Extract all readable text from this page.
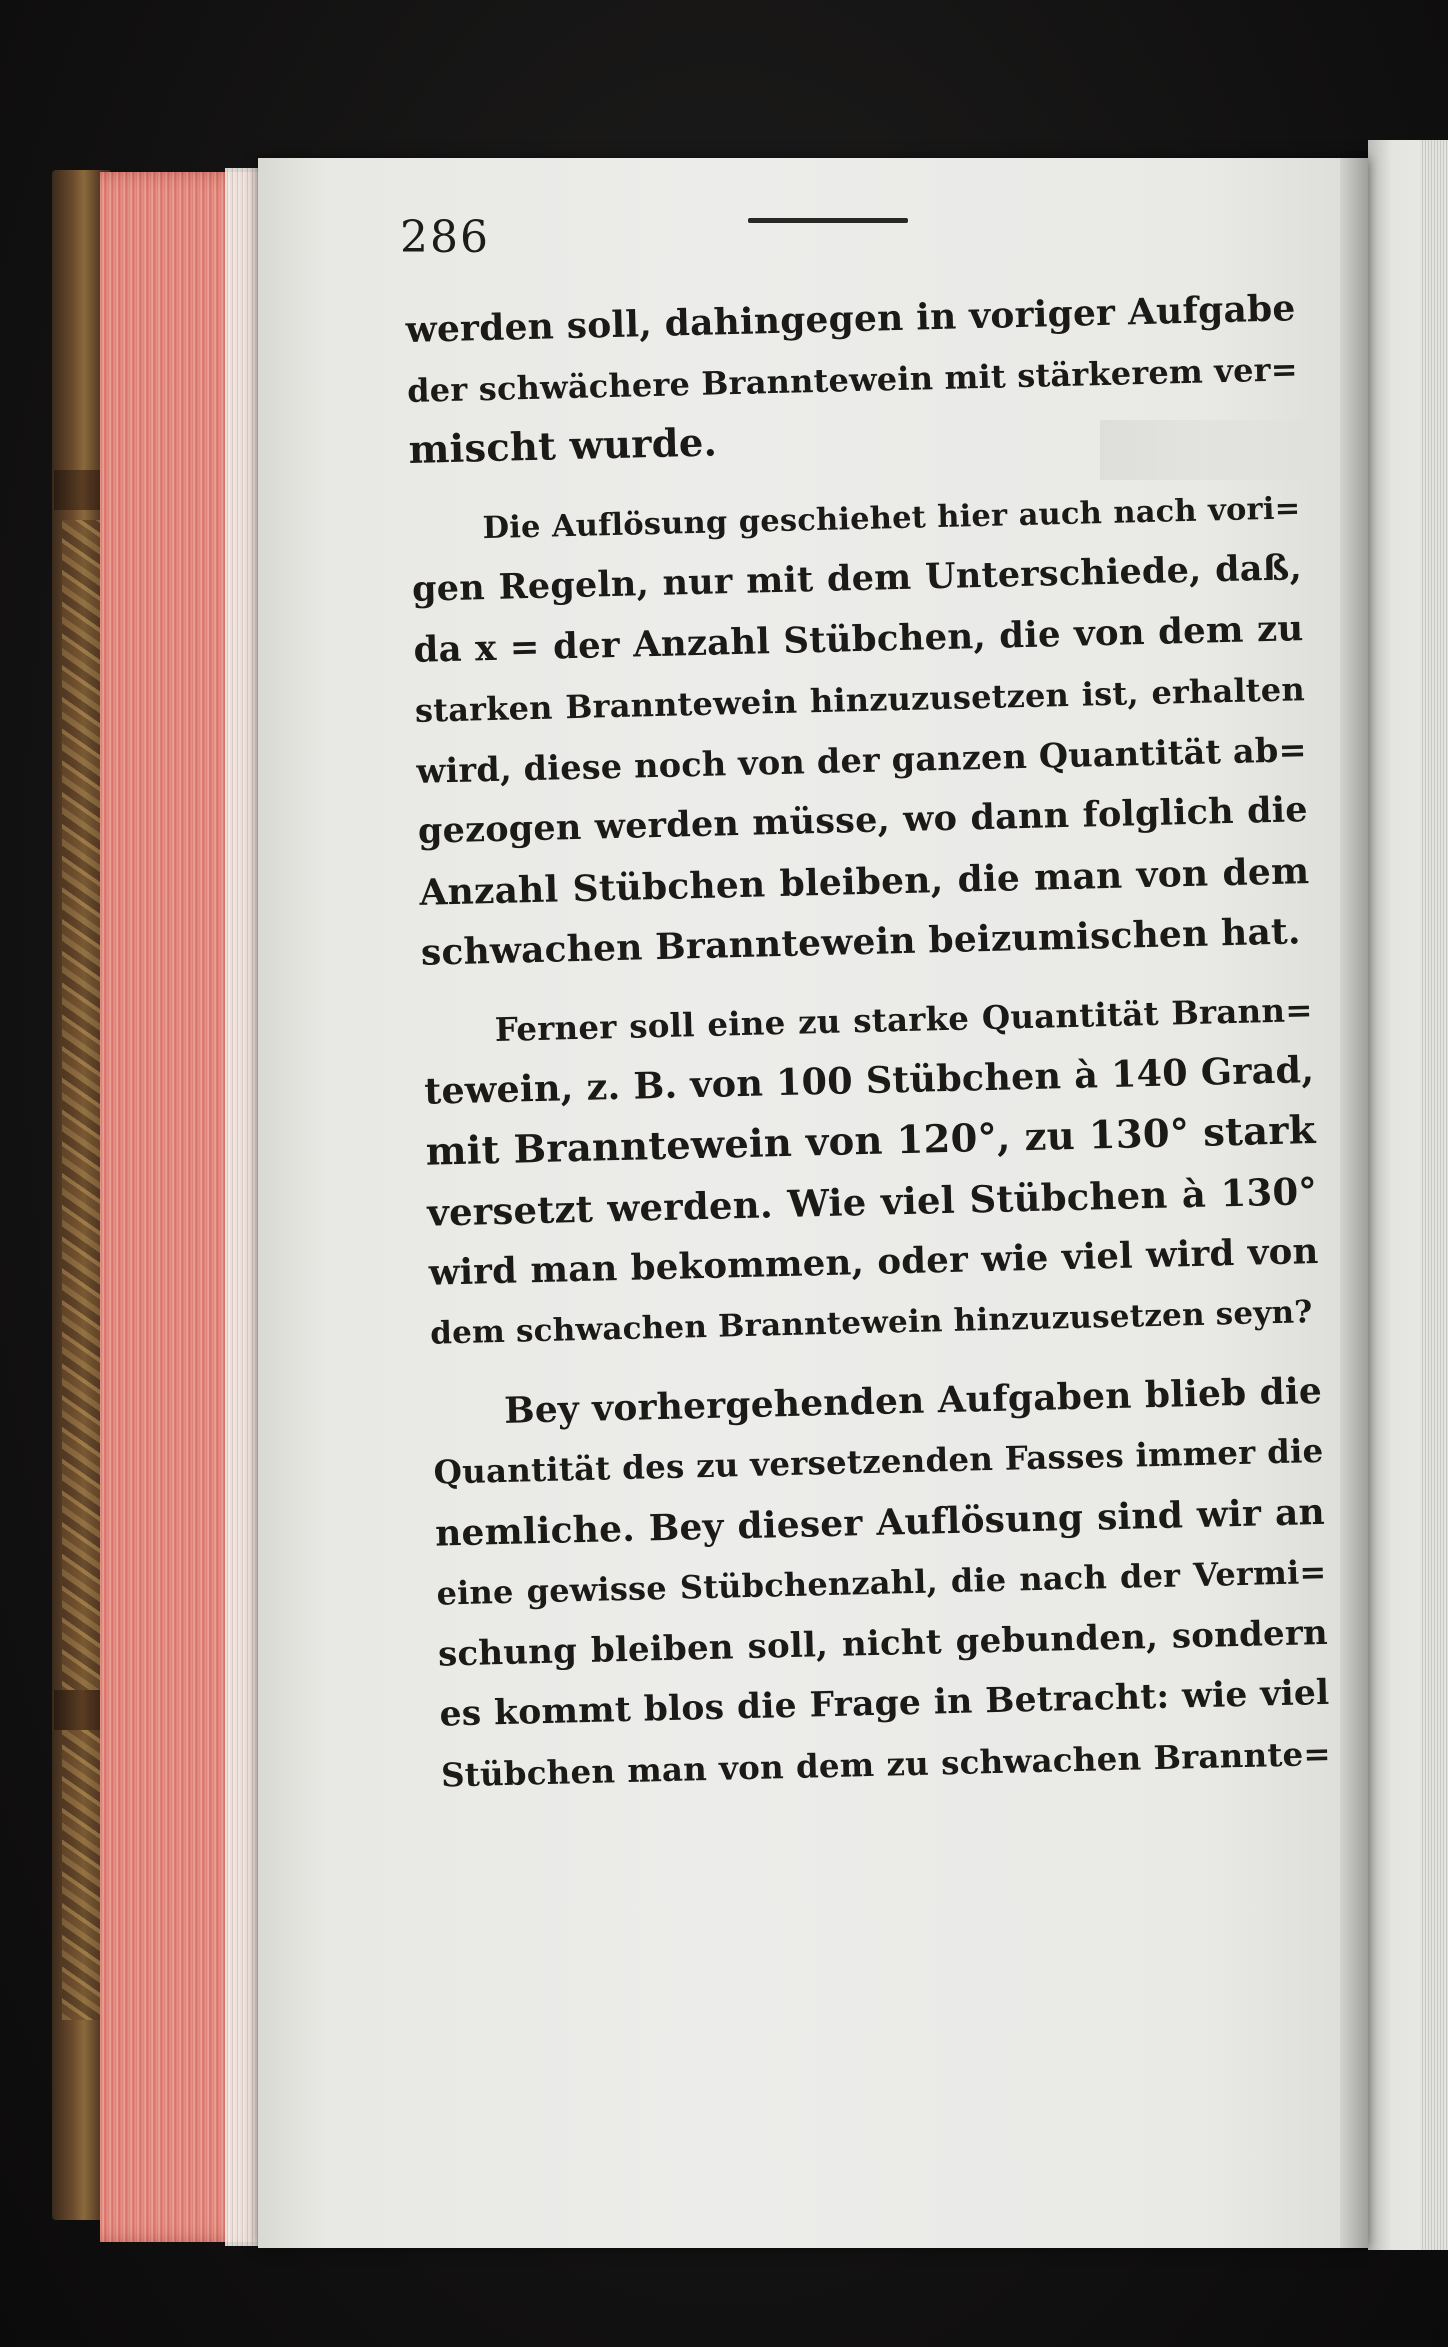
286
werden soll, dahingegen in voriger Aufgabe
der schwächere Branntewein mit stärkerem ver=
mischt wurde.
Die Auflösung geschiehet hier auch nach vori=
gen Regeln, nur mit dem Unterschiede, daß,
da x = der Anzahl Stübchen, die von dem zu
starken Branntewein hinzuzusetzen ist, erhalten
wird, diese noch von der ganzen Quantität ab=
gezogen werden müsse, wo dann folglich die
Anzahl Stübchen bleiben, die man von dem
schwachen Branntewein beizumischen hat.
Ferner soll eine zu starke Quantität Brann=
tewein, z. B. von 100 Stübchen à 140 Grad,
mit Branntewein von 120°, zu 130° stark
versetzt werden. Wie viel Stübchen à 130°
wird man bekommen, oder wie viel wird von
dem schwachen Branntewein hinzuzusetzen seyn?
Bey vorhergehenden Aufgaben blieb die
Quantität des zu versetzenden Fasses immer die
nemliche. Bey dieser Auflösung sind wir an
eine gewisse Stübchenzahl, die nach der Vermi=
schung bleiben soll, nicht gebunden, sondern
es kommt blos die Frage in Betracht: wie viel
Stübchen man von dem zu schwachen Brannte=
